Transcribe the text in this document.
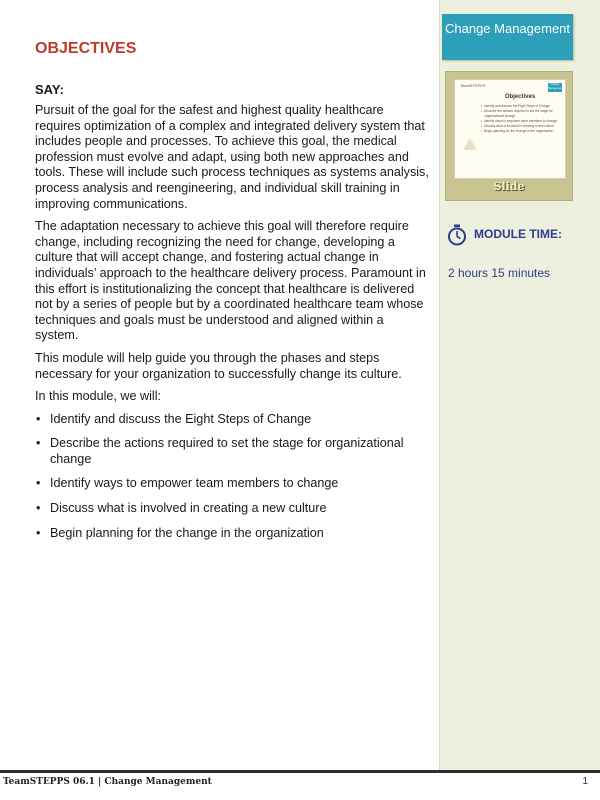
Change Management
TeamSTEPPS	Change Management
Objectives
• Identify and discuss the Eight Steps of Change
• Describe the actions required to set the stage for organizational change
• Identify ways to empower team members to change
• Discuss what is involved in creating a new culture
• Begin planning for the change in the organization
Slide
MODULE TIME:
2 hours 15 minutes
OBJECTIVES
SAY:

Pursuit of the goal for the safest and highest quality healthcare requires optimization of a complex and integrated delivery system that includes people and processes. To achieve this goal, the medical profession must evolve and adapt, using both new approaches and tools. These will include such process techniques as systems analysis, process analysis and reengineering, and individual skill training in improving communications.

The adaptation necessary to achieve this goal will therefore require change, including recognizing the need for change, developing a culture that will accept change, and fostering actual change in individuals’ approach to the healthcare delivery process. Paramount in this effort is institutionalizing the concept that healthcare is delivered not by a series of people but by a coordinated healthcare team whose techniques and goals must be understood and aligned within a system.

This module will help guide you through the phases and steps necessary for your organization to successfully change its culture.

In this module, we will:

• Identify and discuss the Eight Steps of Change
• Describe the actions required to set the stage for organizational change
• Identify ways to empower team members to change
• Discuss what is involved in creating a new culture
• Begin planning for the change in the organization
TeamSTEPPS 06.1 | Change Management	1
